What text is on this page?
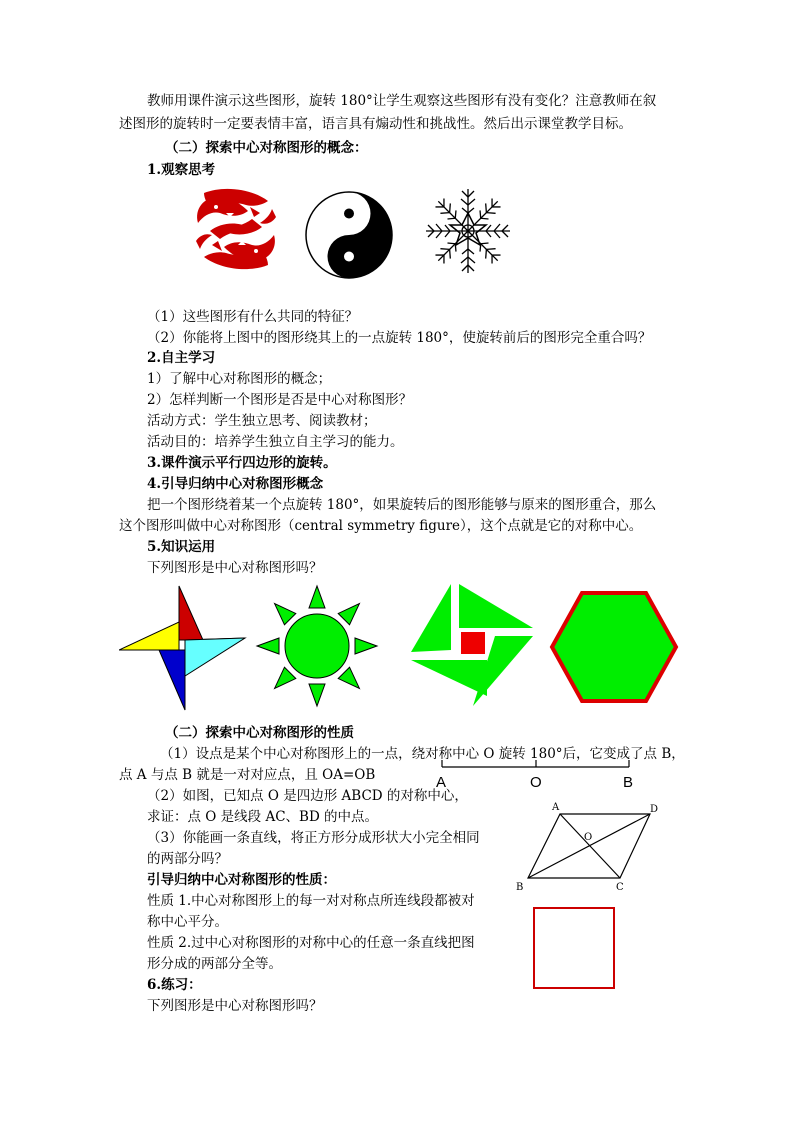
教师用课件演示这些图形，旋转 180°让学生观察这些图形有没有变化？注意教师在叙
述图形的旋转时一定要表情丰富，语言具有煽动性和挑战性。然后出示课堂教学目标。
（二）探索中心对称图形的概念：
1.观察思考
（1）这些图形有什么共同的特征？
（2）你能将上图中的图形绕其上的一点旋转 180°，使旋转前后的图形完全重合吗？
2.自主学习
1）了解中心对称图形的概念；
2）怎样判断一个图形是否是中心对称图形？
活动方式：学生独立思考、阅读教材；
活动目的：培养学生独立自主学习的能力。
3.课件演示平行四边形的旋转。
4.引导归纳中心对称图形概念
把一个图形绕着某一个点旋转 180°，如果旋转后的图形能够与原来的图形重合，那么
这个图形叫做中心对称图形（central symmetry figure），这个点就是它的对称中心。
5.知识运用
下列图形是中心对称图形吗？
（二）探索中心对称图形的性质
（1）设点是某个中心对称图形上的一点，绕对称中心 O 旋转 180°后，它变成了点 B，
点 A 与点 B 就是一对对应点，且 OA=OB	A	O	B
（2）如图，已知点 O 是四边形 ABCD 的对称中心，
求证：点 O 是线段 AC、BD 的中点。
A	D
O
B	C
（3）你能画一条直线，将正方形分成形状大小完全相同
的两部分吗？
引导归纳中心对称图形的性质：
性质 1.中心对称图形上的每一对对称点所连线段都被对
称中心平分。
性质 2.过中心对称图形的对称中心的任意一条直线把图
形分成的两部分全等。
6.练习：
下列图形是中心对称图形吗？
